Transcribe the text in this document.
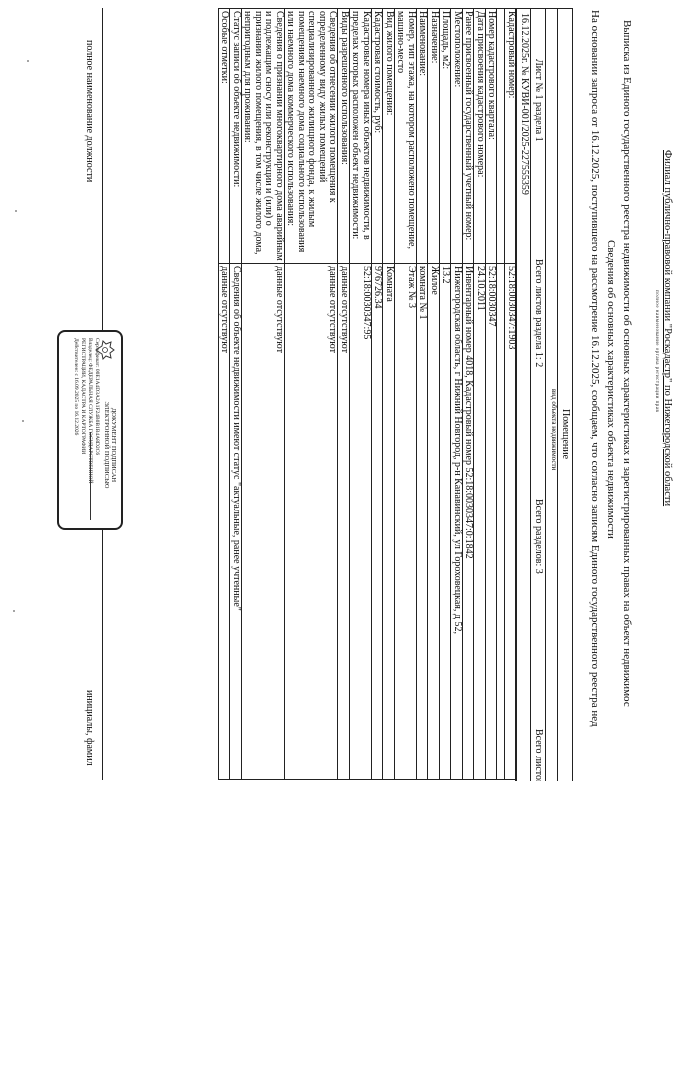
Филиал публично-правовой компании "Роскадастр" по Нижегородской области
полное наименование органа регистрации прав
Выписка из Единого государственного реестра недвижимости об основных характеристиках и зарегистрированных правах на объект недвижимос
Сведения об основных характеристиках объекта недвижимости
На основании запроса от 16.12.2025, поступившего на рассмотрение 16.12.2025, сообщаем, что согласно записям Единого государственного реестра нед
Помещение
вид объекта недвижимости
Лист № 1 раздела 1
Всего листов раздела 1: 2
Всего разделов: 3
Всего листов
16.12.2025г. № КУВИ-001/2025-227555359
Кадастровый номер:	52:18:0030347:1903

Номер кадастрового квартала:	52:18:0030347
Дата присвоения кадастрового номера:	24.10.2011
Ранее присвоенный государственный учетный номер:	Инвентарный номер 4018, Кадастровый номер 52:18:0030347:0:1842
Местоположение:	Нижегородская область, г Нижний Новгород, р-н Канавинский, ул Гороховецкая, д 52,
Площадь, м2:	13.2
Назначение:	Жилое
Наименование:	комната № 1
Номер, тип этажа, на котором расположено помещение, машино-место	Этаж № 3
Вид жилого помещения:	Комната
Кадастровая стоимость, руб:	976726.34
Кадастровые номера иных объектов недвижимости, в пределах которых расположен объект недвижимости:	52:18:0030347:95
Виды разрешенного использования:	данные отсутствуют
Сведения об отнесении жилого помещения к определенному виду жилых помещений специализированного жилищного фонда, к жилым помещениям наемного дома социального использования или наемного дома коммерческого использования:	данные отсутствуют
Сведения о признании многоквартирного дома аварийным и подлежащим сносу или реконструкции и (или) о признании жилого помещения, в том числе жилого дома, непригодным для проживания:	данные отсутствуют
Статус записи об объекте недвижимости:	Сведения об объекте недвижимости имеют статус "актуальные, ранее учтенные"
Особые отметки:	данные отсутствуют
полное наименование должности
инициалы, фамил
ДОКУМЕНТ ПОДПИСАН
ЭЛЕКТРОННОЙ ПОДПИСЬЮ

Сертификат: 00E1A4D3A2A1F24B0B1B4A8D2C6

Владелец: ФЕДЕРАЛЬНАЯ СЛУЖБА ГОСУДАРСТВЕННОЙ

РЕГИСТРАЦИИ, КАДАСТРА И КАРТОГРАФИИ

Действителен: с 16.09.2025 по 16.12.2026
